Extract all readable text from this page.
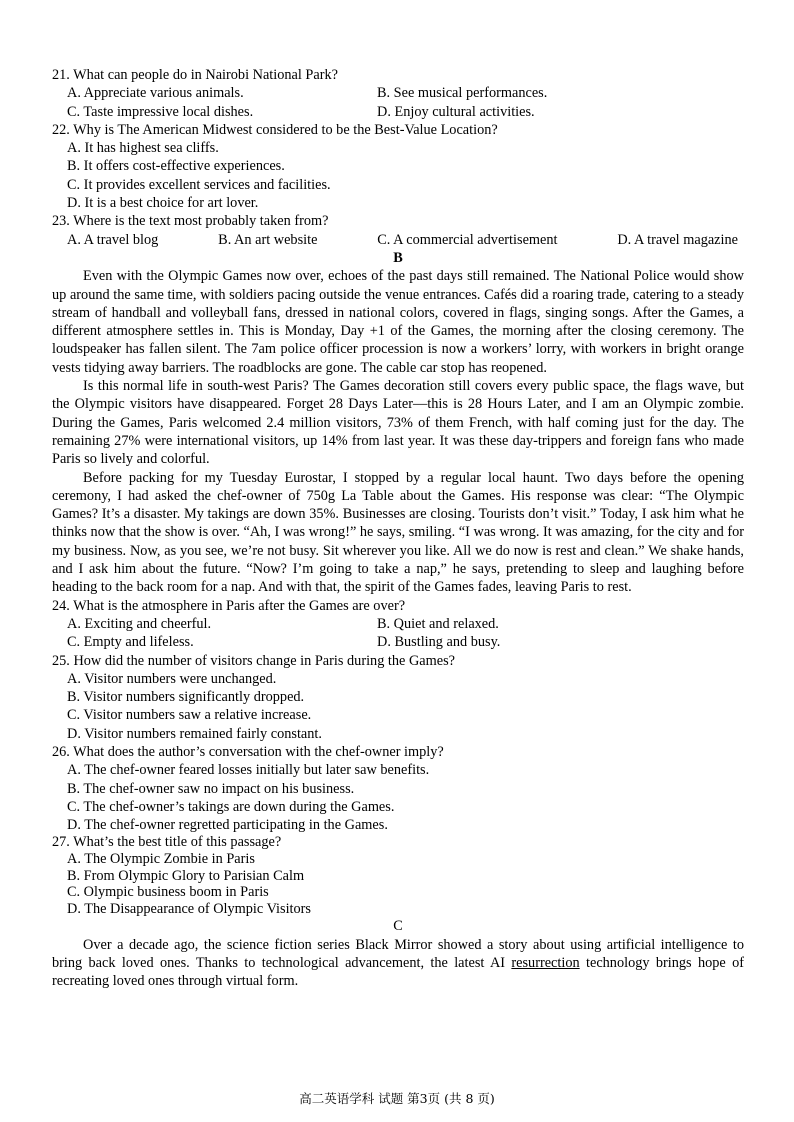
21. What can people do in Nairobi National Park?

A. Appreciate various animals.	B. See musical performances.
C. Taste impressive local dishes.	D. Enjoy cultural activities.

22. Why is The American Midwest considered to be the Best-Value Location?

A. It has highest sea cliffs.

B. It offers cost-effective experiences.

C. It provides excellent services and facilities.

D. It is a best choice for art lover.

23. Where is the text most probably taken from?

A. A travel blog	B. An art website	C. A commercial advertisement	D. A travel magazine

B

Even with the Olympic Games now over, echoes of the past days still remained. The National Police would show up around the same time, with soldiers pacing outside the venue entrances. Cafés did a roaring trade, catering to a steady stream of handball and volleyball fans, dressed in national colors, covered in flags, singing songs. After the Games, a different atmosphere settles in. This is Monday, Day +1 of the Games, the morning after the closing ceremony. The loudspeaker has fallen silent. The 7am police officer procession is now a workers’ lorry, with workers in bright orange vests tidying away barriers. The roadblocks are gone. The cable car stop has reopened.

Is this normal life in south-west Paris? The Games decoration still covers every public space, the flags wave, but the Olympic visitors have disappeared. Forget 28 Days Later—this is 28 Hours Later, and I am an Olympic zombie. During the Games, Paris welcomed 2.4 million visitors, 73% of them French, with half coming just for the day. The remaining 27% were international visitors, up 14% from last year. It was these day-trippers and foreign fans who made Paris so lively and colorful.

Before packing for my Tuesday Eurostar, I stopped by a regular local haunt. Two days before the opening ceremony, I had asked the chef-owner of 750g La Table about the Games. His response was clear: “The Olympic Games? It’s a disaster. My takings are down 35%. Businesses are closing. Tourists don’t visit.” Today, I ask him what he thinks now that the show is over. “Ah, I was wrong!” he says, smiling. “I was wrong. It was amazing, for the city and for my business. Now, as you see, we’re not busy. Sit wherever you like. All we do now is rest and clean.” We shake hands, and I ask him about the future. “Now? I’m going to take a nap,” he says, pretending to sleep and laughing before heading to the back room for a nap. And with that, the spirit of the Games fades, leaving Paris to rest.

24. What is the atmosphere in Paris after the Games are over?

A. Exciting and cheerful.	B. Quiet and relaxed.
C. Empty and lifeless.	D. Bustling and busy.

25. How did the number of visitors change in Paris during the Games?

A. Visitor numbers were unchanged.

B. Visitor numbers significantly dropped.

C. Visitor numbers saw a relative increase.

D. Visitor numbers remained fairly constant.

26. What does the author’s conversation with the chef-owner imply?

A. The chef-owner feared losses initially but later saw benefits.

B. The chef-owner saw no impact on his business.

C. The chef-owner’s takings are down during the Games.

D. The chef-owner regretted participating in the Games.

27. What’s the best title of this passage?

A. The Olympic Zombie in Paris

B. From Olympic Glory to Parisian Calm

C. Olympic business boom in Paris

D. The Disappearance of Olympic Visitors

C

Over a decade ago, the science fiction series Black Mirror showed a story about using artificial intelligence to bring back loved ones. Thanks to technological advancement, the latest AI resurrection technology brings hope of recreating loved ones through virtual form.

高二英语学科 试题 第3页 (共 8 页)
